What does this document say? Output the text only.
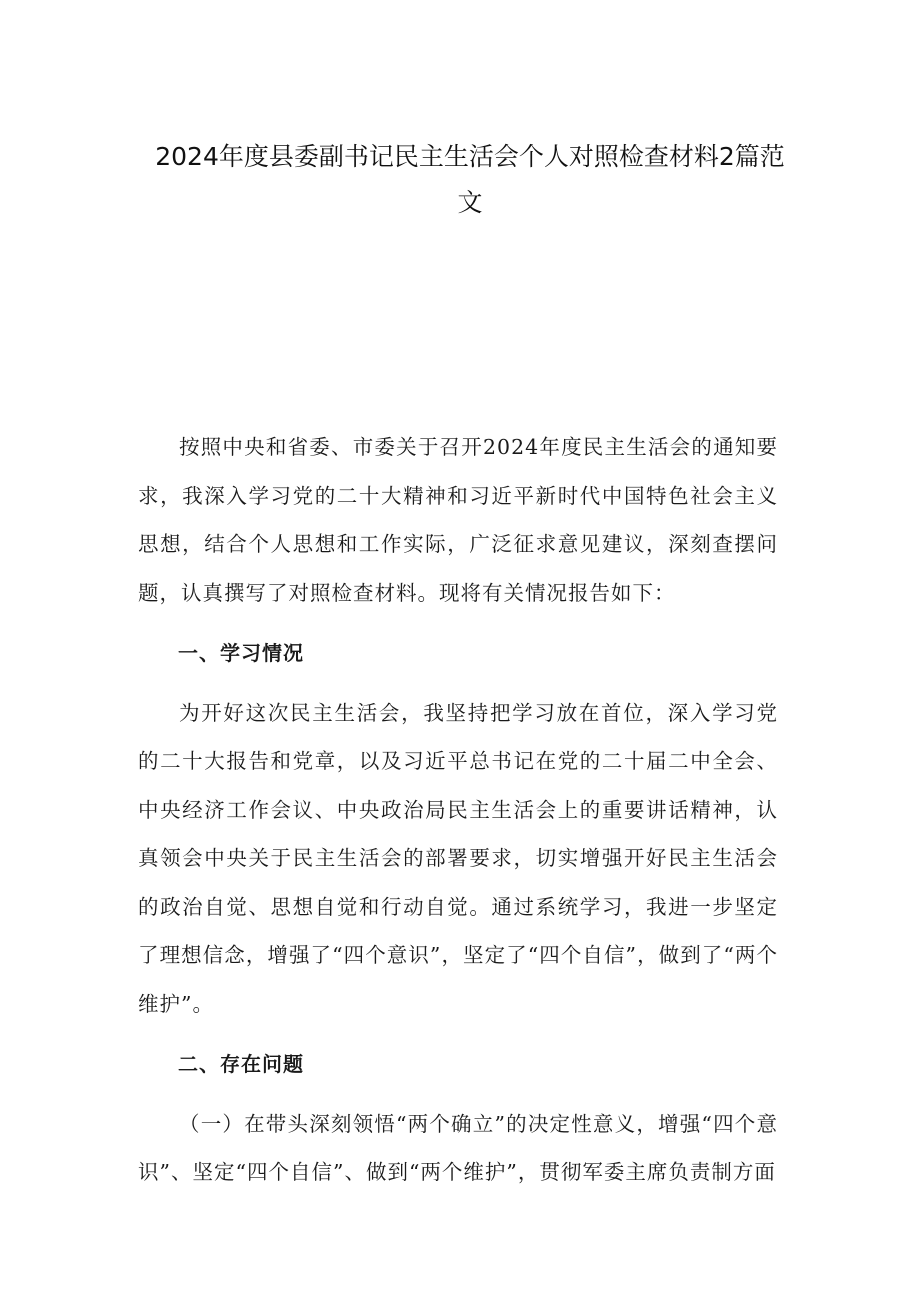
2024年度县委副书记民主生活会个人对照检查材料2篇范文

按照中央和省委、市委关于召开2024年度民主生活会的通知要求，我深入学习党的二十大精神和习近平新时代中国特色社会主义思想，结合个人思想和工作实际，广泛征求意见建议，深刻查摆问题，认真撰写了对照检查材料。现将有关情况报告如下：

一、学习情况

为开好这次民主生活会，我坚持把学习放在首位，深入学习党的二十大报告和党章，以及习近平总书记在党的二十届二中全会、中央经济工作会议、中央政治局民主生活会上的重要讲话精神，认真领会中央关于民主生活会的部署要求，切实增强开好民主生活会的政治自觉、思想自觉和行动自觉。通过系统学习，我进一步坚定了理想信念，增强了“四个意识”，坚定了“四个自信”，做到了“两个维护”。

二、存在问题

（一）在带头深刻领悟“两个确立”的决定性意义，增强“四个意识”、坚定“四个自信”、做到“两个维护”，贯彻军委主席负责制方面
